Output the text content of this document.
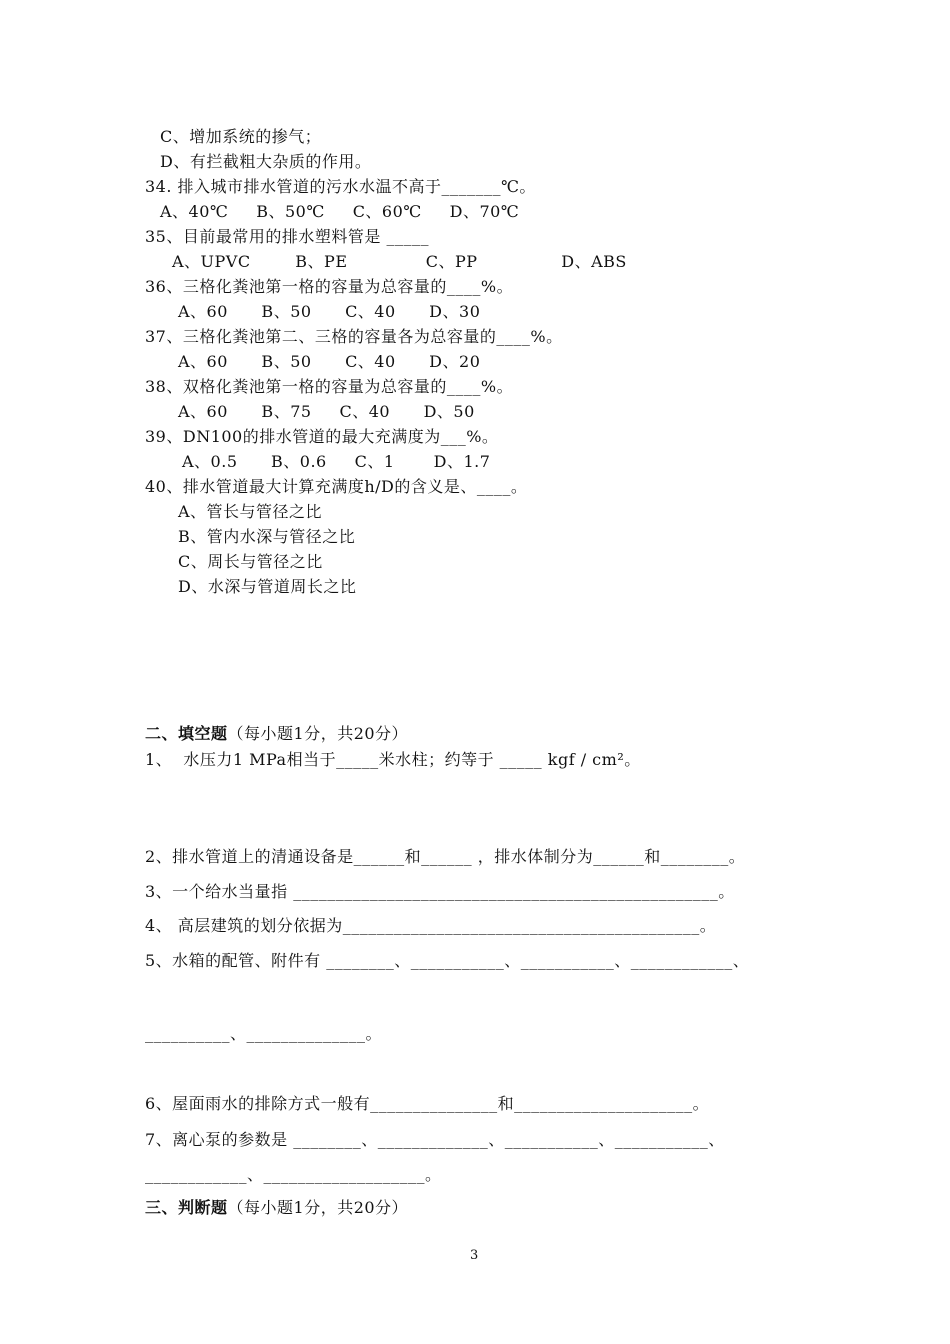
C、增加系统的掺气；
D、有拦截粗大杂质的作用。
34. 排入城市排水管道的污水水温不高于_______℃。
A、40℃     B、50℃     C、60℃     D、70℃
35、目前最常用的排水塑料管是 _____
A、UPVC        B、PE              C、PP               D、ABS
36、三格化粪池第一格的容量为总容量的____%。
A、60      B、50      C、40      D、30
37、三格化粪池第二、三格的容量各为总容量的____%。
A、60      B、50      C、40      D、20
38、双格化粪池第一格的容量为总容量的____%。
A、60      B、75     C、40      D、50
39、DN100的排水管道的最大充满度为___%。
A、0.5      B、0.6     C、1       D、1.7
40、排水管道最大计算充满度h/D的含义是、____。
A、管长与管径之比
B、管内水深与管径之比
C、周长与管径之比
D、水深与管道周长之比
二、填空题（每小题1分，共20分）
1、  水压力1 MPa相当于_____米水柱；约等于 _____ kgf / cm²。
2、排水管道上的清通设备是______和______ ，排水体制分为______和________。
3、一个给水当量指 __________________________________________________。
4、 高层建筑的划分依据为__________________________________________。
5、水箱的配管、附件有 ________、___________、___________、____________、
__________、______________。
6、屋面雨水的排除方式一般有_______________和_____________________。
7、离心泵的参数是 ________、_____________、___________、___________、
____________、___________________。
三、判断题（每小题1分，共20分）
3
